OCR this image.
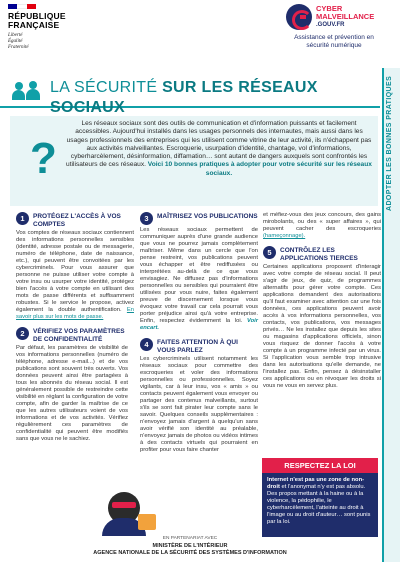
RÉPUBLIQUE
FRANÇAISE
Liberté
Égalité
Fraternité
CYBER
MALVEILLANCE
.GOUV.FR
Assistance et prévention en sécurité numérique
LA SÉCURITÉ SUR LES RÉSEAUX SOCIAUX	ADOPTER LES BONNES PRATIQUES
?
Les réseaux sociaux sont des outils de communication et d'information puissants et facilement accessibles. Aujourd'hui installés dans les usages personnels des internautes, mais aussi dans les usages professionnels des entreprises qui les utilisent comme vitrine de leur activité, ils n'échappent pas aux activités malveillantes. Escroquerie, usurpation d'identité, chantage, vol d'informations, cyberharcèlement, désinformation, diffamation… sont autant de dangers auxquels sont confrontés les utilisateurs de ces réseaux. Voici 10 bonnes pratiques à adopter pour votre sécurité sur les réseaux sociaux.
1	PROTÉGEZ L'ACCÈS À VOS COMPTES
Vos comptes de réseaux sociaux contiennent des informations personnelles sensibles (identité, adresse postale ou de messagerie, numéro de téléphone, date de naissance, etc.), qui peuvent être convoitées par les cybercriminels. Pour vous assurer que personne ne puisse utiliser votre compte à votre insu ou usurper votre identité, protégez bien l'accès à votre compte en utilisant des mots de passe différents et suffisamment robustes. Si le service le propose, activez également la double authentification. En savoir plus sur les mots de passe.
2	VÉRIFIEZ VOS PARAMÈTRES DE CONFIDENTIALITÉ
Par défaut, les paramètres de visibilité de vos informations personnelles (numéro de téléphone, adresse e-mail...) et de vos publications sont souvent très ouverts. Vos données peuvent ainsi être partagées à tous les abonnés du réseau social. Il est généralement possible de restreindre cette visibilité en réglant la configuration de votre compte, afin de garder la maîtrise de ce que les autres utilisateurs voient de vos informations et de vos activités. Vérifiez régulièrement ces paramètres de confidentialité qui peuvent être modifiés sans que vous ne le sachiez.
3	MAÎTRISEZ VOS PUBLICATIONS
Les réseaux sociaux permettent de communiquer auprès d'une grande audience que vous ne pourrez jamais complètement maîtriser. Même dans un cercle que l'on pense restreint, vos publications peuvent vous échapper et être rediffusées ou interprétées au-delà de ce que vous envisagiez. Ne diffusez pas d'informations personnelles ou sensibles qui pourraient être utilisées pour vous nuire, faites également preuve de discernement lorsque vous évoquez votre travail car cela pourrait vous porter préjudice ainsi qu'à votre entreprise. Enfin, respectez évidemment la loi. Voir encart.
4	FAITES ATTENTION À QUI VOUS PARLEZ
Les cybercriminels utilisent notamment les réseaux sociaux pour commettre des escroqueries et voler des informations personnelles ou professionnelles. Soyez vigilants, car à leur insu, vos « amis » ou contacts peuvent également vous envoyer ou partager des contenus malveillants, surtout s'ils se sont fait pirater leur compte sans le savoir. Quelques conseils supplémentaires : n'envoyez jamais d'argent à quelqu'un sans avoir vérifié son identité au préalable, n'envoyez jamais de photos ou vidéos intimes à des contacts virtuels qui pourraient en profiter pour vous faire chanter
et méfiez-vous des jeux concours, des gains mirobolants, ou des « super affaires », qui peuvent cacher des escroqueries (hameçonnage).
5	CONTRÔLEZ LES APPLICATIONS TIERCES
Certaines applications proposent d'interagir avec votre compte de réseau social. Il peut s'agir de jeux, de quiz, de programmes alternatifs pour gérer votre compte. Ces applications demandent des autorisations qu'il faut examiner avec attention car une fois données, ces applications peuvent avoir accès à vos informations personnelles, vos contacts, vos publications, vos messages privés… Ne les installez que depuis les sites ou magasins d'applications officiels, sinon vous risquez de donner l'accès à votre compte à un programme infecté par un virus. Si l'application vous semble trop intrusive dans les autorisations qu'elle demande, ne l'installez pas. Enfin, pensez à désinstaller ces applications ou en révoquer les droits si vous ne vous en servez plus.
RESPECTEZ LA LOI
Internet n'est pas une zone de non-droit et l'anonymat n'y est pas absolu. Des propos mettant à la haine ou à la violence, la pédophilie, le cyberharcèlement, l'atteinte au droit à l'image ou au droit d'auteur… sont punis par la loi.
EN PARTENARIAT AVEC
MINISTÈRE DE L'INTÉRIEUR
AGENCE NATIONALE DE LA SÉCURITÉ DES SYSTÈMES D'INFORMATION
